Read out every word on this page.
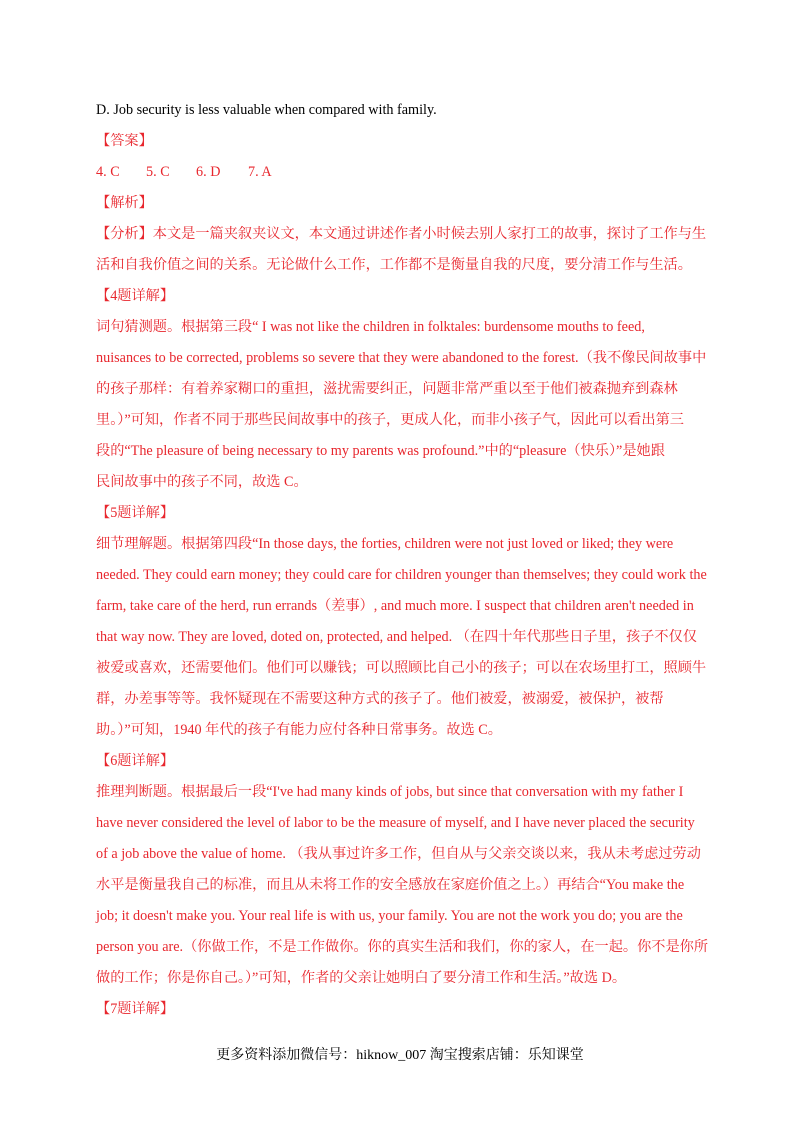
D. Job security is less valuable when compared with family.
【答案】
4. C 5. C 6. D 7. A
【解析】
【分析】本文是一篇夹叙夹议文，本文通过讲述作者小时候去别人家打工的故事，探讨了工作与生
活和自我价值之间的关系。无论做什么工作，工作都不是衡量自我的尺度，要分清工作与生活。
【4题详解】
词句猜测题。根据第三段“ I was not like the children in folktales: burdensome mouths to feed,
nuisances to be corrected, problems so severe that they were abandoned to the forest.（我不像民间故事中
的孩子那样：有着养家糊口的重担，滋扰需要纠正，问题非常严重以至于他们被森抛弃到森林
里。）”可知，作者不同于那些民间故事中的孩子，更成人化，而非小孩子气，因此可以看出第三
段的“The pleasure of being necessary to my parents was profound.”中的“pleasure（快乐）”是她跟
民间故事中的孩子不同，故选 C。
【5题详解】
细节理解题。根据第四段“In those days, the forties, children were not just loved or liked; they were
needed. They could earn money; they could care for children younger than themselves; they could work the
farm, take care of the herd, run errands（差事）, and much more. I suspect that children aren't needed in
that way now. They are loved, doted on, protected, and helped. （在四十年代那些日子里，孩子不仅仅
被爱或喜欢，还需要他们。他们可以赚钱；可以照顾比自己小的孩子；可以在农场里打工，照顾牛
群，办差事等等。我怀疑现在不需要这种方式的孩子了。他们被爱，被溺爱，被保护，被帮
助。）”可知，1940 年代的孩子有能力应付各种日常事务。故选 C。
【6题详解】
推理判断题。根据最后一段“I've had many kinds of jobs, but since that conversation with my father I
have never considered the level of labor to be the measure of myself, and I have never placed the security
of a job above the value of home. （我从事过许多工作，但自从与父亲交谈以来，我从未考虑过劳动
水平是衡量我自己的标准，而且从未将工作的安全感放在家庭价值之上。）再结合“You make the
job; it doesn't make you. Your real life is with us, your family. You are not the work you do; you are the
person you are.（你做工作，不是工作做你。你的真实生活和我们，你的家人，在一起。你不是你所
做的工作；你是你自己。）”可知，作者的父亲让她明白了要分清工作和生活。”故选 D。
【7题详解】
更多资料添加微信号：hiknow_007 淘宝搜索店铺：乐知课堂
